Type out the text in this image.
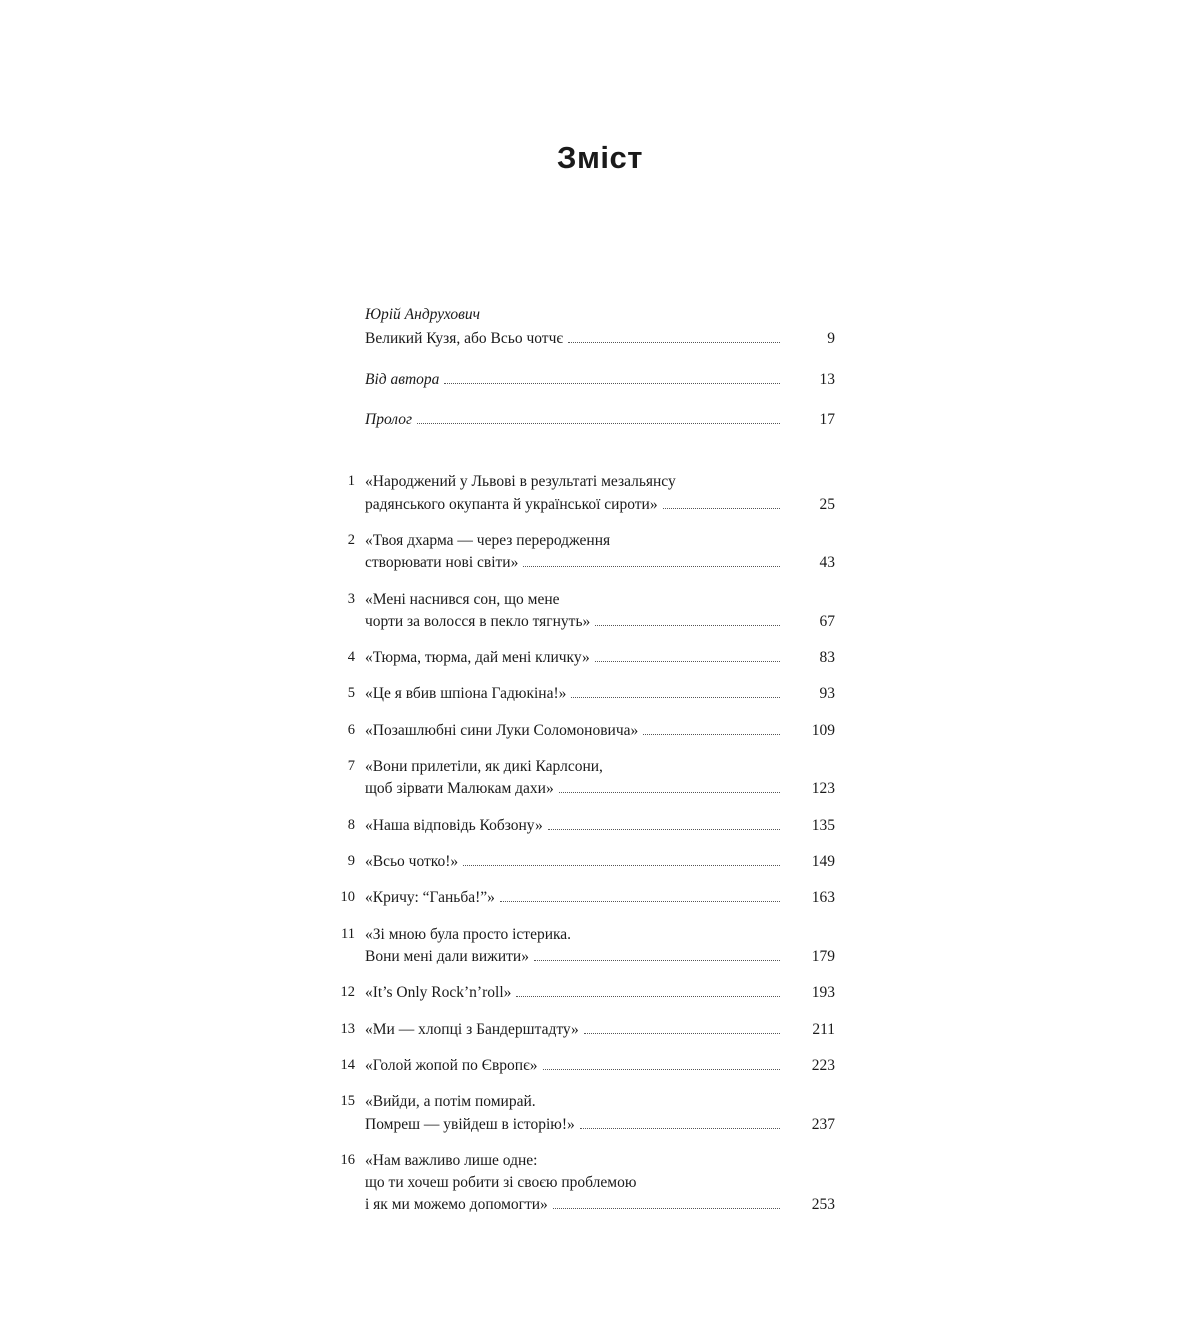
Зміст
Юрій Андрухович
Великий Кузя, або Всьо чотчє	9
Від автора	13
Пролог	17
1 «Народжений у Львові в результаті мезальянсу
радянського окупанта й української сироти»	25
2 «Твоя дхарма — через переродження
створювати нові світи»	43
3 «Мені наснився сон, що мене
чорти за волосся в пекло тягнуть»	67
4 «Тюрма, тюрма, дай мені кличку»	83
5 «Це я вбив шпіона Гадюкіна!»	93
6 «Позашлюбні сини Луки Соломоновича»	109
7 «Вони прилетіли, як дикі Карлсони,
щоб зірвати Малюкам дахи»	123
8 «Наша відповідь Кобзону»	135
9 «Всьо чотко!»	149
10 «Кричу: “Ганьба!”»	163
11 «Зі мною була просто істерика.
Вони мені дали вижити»	179
12 «It’s Only Rock’n’roll»	193
13 «Ми — хлопці з Бандерштадту»	211
14 «Голой жопой по Європє»	223
15 «Вийди, а потім помирай.
Помреш — увійдеш в історію!»	237
16 «Нам важливо лише одне:
що ти хочеш робити зі своєю проблемою
і як ми можемо допомогти»	253
